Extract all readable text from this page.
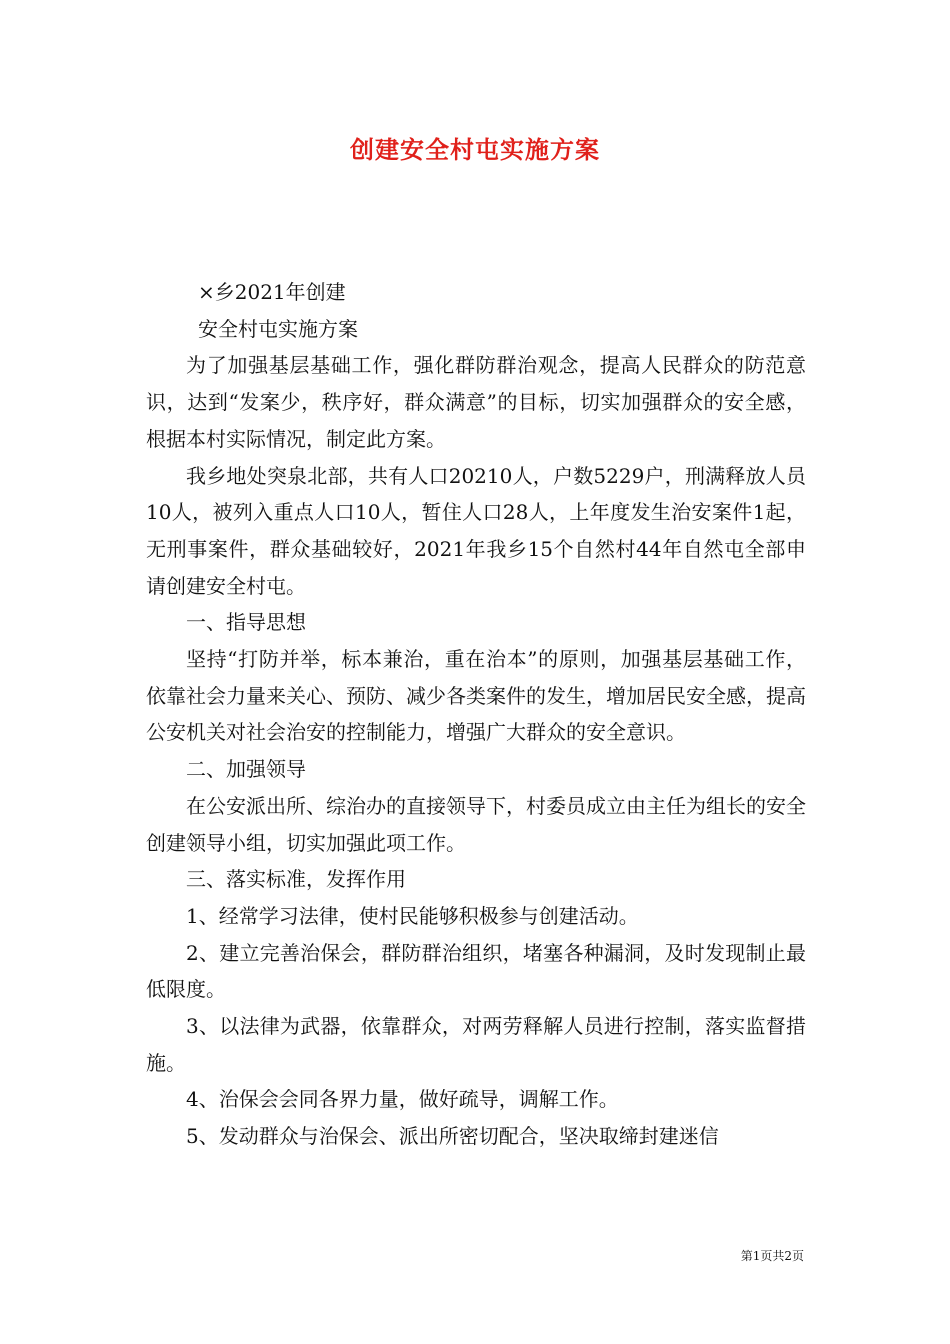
创建安全村屯实施方案

×乡2021年创建

安全村屯实施方案

为了加强基层基础工作，强化群防群治观念，提高人民群众的防范意识，达到“发案少，秩序好，群众满意”的目标，切实加强群众的安全感，根据本村实际情况，制定此方案。

我乡地处突泉北部，共有人口20210人，户数5229户，刑满释放人员10人，被列入重点人口10人，暂住人口28人，上年度发生治安案件1起，无刑事案件，群众基础较好，2021年我乡15个自然村44年自然屯全部申请创建安全村屯。

一、指导思想

坚持“打防并举，标本兼治，重在治本”的原则，加强基层基础工作，依靠社会力量来关心、预防、减少各类案件的发生，增加居民安全感，提高公安机关对社会治安的控制能力，增强广大群众的安全意识。

二、加强领导

在公安派出所、综治办的直接领导下，村委员成立由主任为组长的安全创建领导小组，切实加强此项工作。

三、落实标准，发挥作用

1、经常学习法律，使村民能够积极参与创建活动。

2、建立完善治保会，群防群治组织，堵塞各种漏洞，及时发现制止最低限度。

3、以法律为武器，依靠群众，对两劳释解人员进行控制，落实监督措施。

4、治保会会同各界力量，做好疏导，调解工作。

5、发动群众与治保会、派出所密切配合，坚决取缔封建迷信

第1页共2页
